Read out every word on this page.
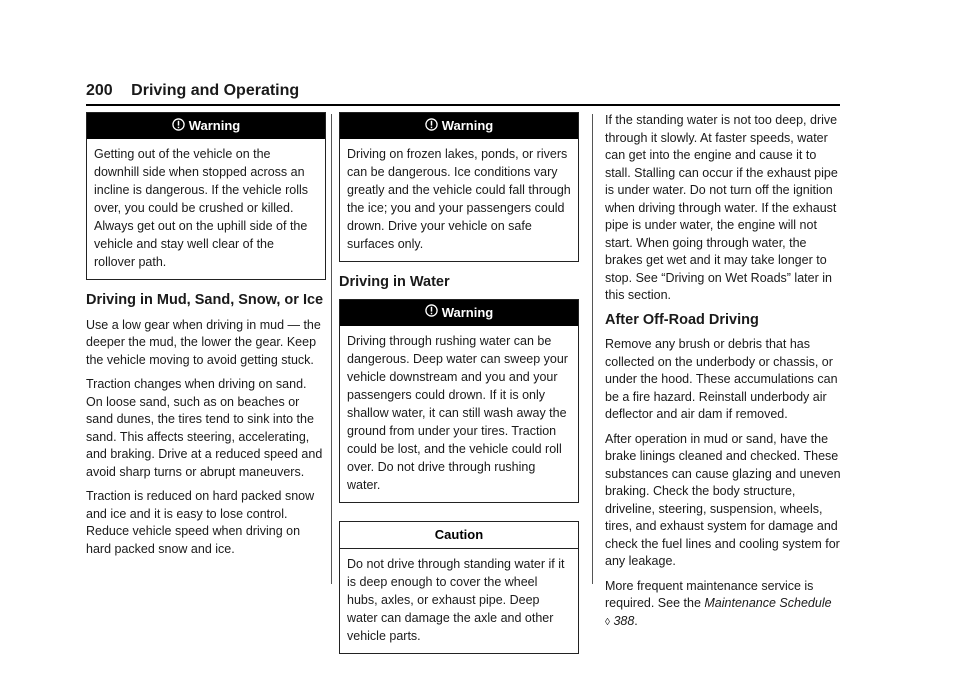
200 Driving and Operating
Warning
Getting out of the vehicle on the downhill side when stopped across an incline is dangerous. If the vehicle rolls over, you could be crushed or killed. Always get out on the uphill side of the vehicle and stay well clear of the rollover path.
Driving in Mud, Sand, Snow, or Ice

Use a low gear when driving in mud — the deeper the mud, the lower the gear. Keep the vehicle moving to avoid getting stuck.

Traction changes when driving on sand. On loose sand, such as on beaches or sand dunes, the tires tend to sink into the sand. This affects steering, accelerating, and braking. Drive at a reduced speed and avoid sharp turns or abrupt maneuvers.

Traction is reduced on hard packed snow and ice and it is easy to lose control. Reduce vehicle speed when driving on hard packed snow and ice.

Warning
Driving on frozen lakes, ponds, or rivers can be dangerous. Ice conditions vary greatly and the vehicle could fall through the ice; you and your passengers could drown. Drive your vehicle on safe surfaces only.
Driving in Water
Warning
Driving through rushing water can be dangerous. Deep water can sweep your vehicle downstream and you and your passengers could drown. If it is only shallow water, it can still wash away the ground from under your tires. Traction could be lost, and the vehicle could roll over. Do not drive through rushing water.
Caution
Do not drive through standing water if it is deep enough to cover the wheel hubs, axles, or exhaust pipe. Deep water can damage the axle and other vehicle parts.

If the standing water is not too deep, drive through it slowly. At faster speeds, water can get into the engine and cause it to stall. Stalling can occur if the exhaust pipe is under water. Do not turn off the ignition when driving through water. If the exhaust pipe is under water, the engine will not start. When going through water, the brakes get wet and it may take longer to stop. See “Driving on Wet Roads” later in this section.

After Off-Road Driving

Remove any brush or debris that has collected on the underbody or chassis, or under the hood. These accumulations can be a fire hazard. Reinstall underbody air deflector and air dam if removed.

After operation in mud or sand, have the brake linings cleaned and checked. These substances can cause glazing and uneven braking. Check the body structure, driveline, steering, suspension, wheels, tires, and exhaust system for damage and check the fuel lines and cooling system for any leakage.

More frequent maintenance service is required. See the Maintenance Schedule
◊ 388.
